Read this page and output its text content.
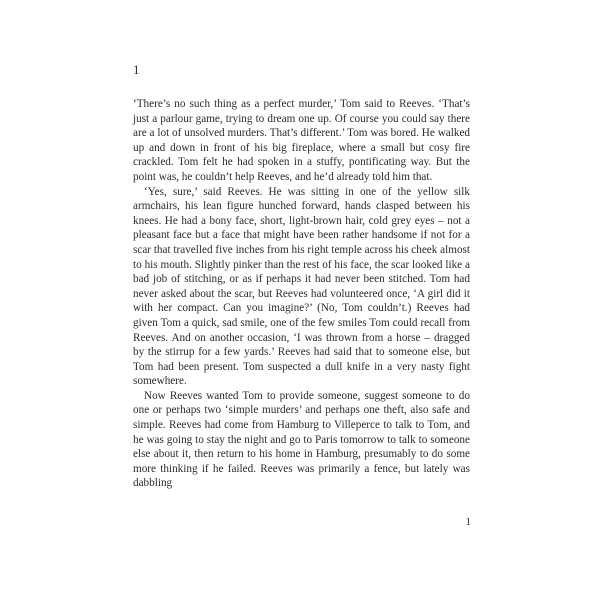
1

‘There’s no such thing as a perfect murder,’ Tom said to Reeves. ‘That’s just a parlour game, trying to dream one up. Of course you could say there are a lot of unsolved murders. That’s different.’ Tom was bored. He walked up and down in front of his big fireplace, where a small but cosy fire crackled. Tom felt he had spoken in a stuffy, pontificating way. But the point was, he couldn’t help Reeves, and he’d already told him that.

‘Yes, sure,’ said Reeves. He was sitting in one of the yellow silk armchairs, his lean figure hunched forward, hands clasped between his knees. He had a bony face, short, light-brown hair, cold grey eyes – not a pleasant face but a face that might have been rather handsome if not for a scar that travelled five inches from his right temple across his cheek almost to his mouth. Slightly pinker than the rest of his face, the scar looked like a bad job of stitching, or as if perhaps it had never been stitched. Tom had never asked about the scar, but Reeves had volunteered once, ‘A girl did it with her compact. Can you imagine?’ (No, Tom couldn’t.) Reeves had given Tom a quick, sad smile, one of the few smiles Tom could recall from Reeves. And on another occasion, ‘I was thrown from a horse – dragged by the stirrup for a few yards.’ Reeves had said that to someone else, but Tom had been present. Tom suspected a dull knife in a very nasty fight somewhere.

Now Reeves wanted Tom to provide someone, suggest someone to do one or perhaps two ‘simple murders’ and perhaps one theft, also safe and simple. Reeves had come from Hamburg to Villeperce to talk to Tom, and he was going to stay the night and go to Paris tomorrow to talk to someone else about it, then return to his home in Hamburg, presumably to do some more thinking if he failed. Reeves was primarily a fence, but lately was dabbling

1
